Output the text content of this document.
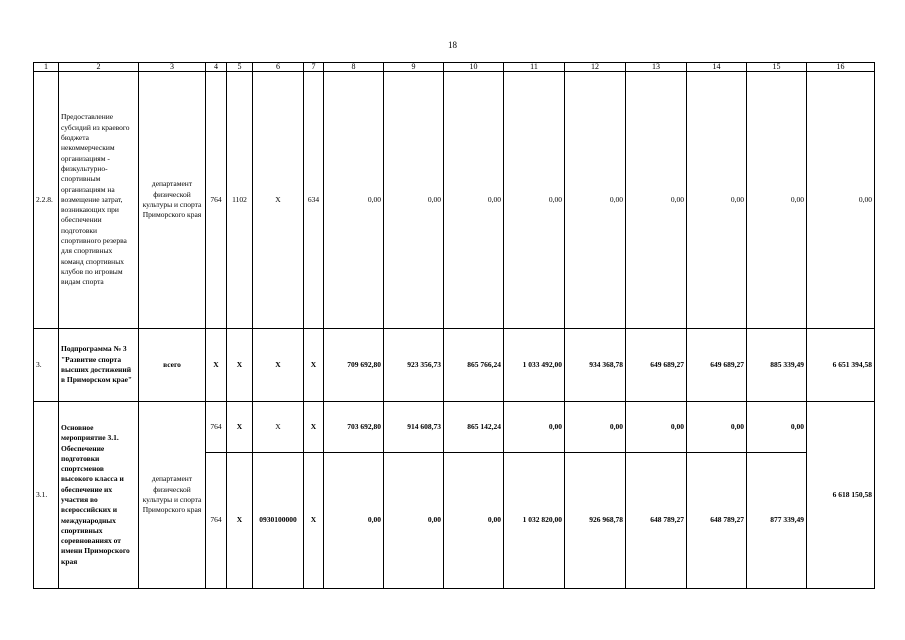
18
1	2	3	4	5	6	7	8	9	10	11	12	13	14	15	16
2.2.8.	Предоставление субсидий из краевого бюджета некоммерческим организациям - физкультурно-спортивным организациям на возмещение затрат, возникающих при обеспечении подготовки спортивного резерва для спортивных команд спортивных клубов по игровым видам спорта	департамент физической культуры и спорта Приморского края	764	1102	X	634	0,00	0,00	0,00	0,00	0,00	0,00	0,00	0,00	0,00
3.	Подпрограмма № 3 "Развитие спорта высших достижений в Приморском крае"	всего	X	X	X	X	709 692,80	923 356,73	865 766,24	1 033 492,00	934 368,78	649 689,27	649 689,27	885 339,49	6 651 394,58
3.1.	Основное мероприятие 3.1. Обеспечение подготовки спортсменов высокого класса и обеспечение их участия во всероссийских и международных спортивных соревнованиях от имени Приморского края	департамент физической культуры и спорта Приморского края	764	X	X	X	703 692,80	914 608,73	865 142,24	0,00	0,00	0,00	0,00	0,00	6 618 150,58
			764	X	0930100000	X	0,00	0,00	0,00	1 032 820,00	926 968,78	648 789,27	648 789,27	877 339,49	
